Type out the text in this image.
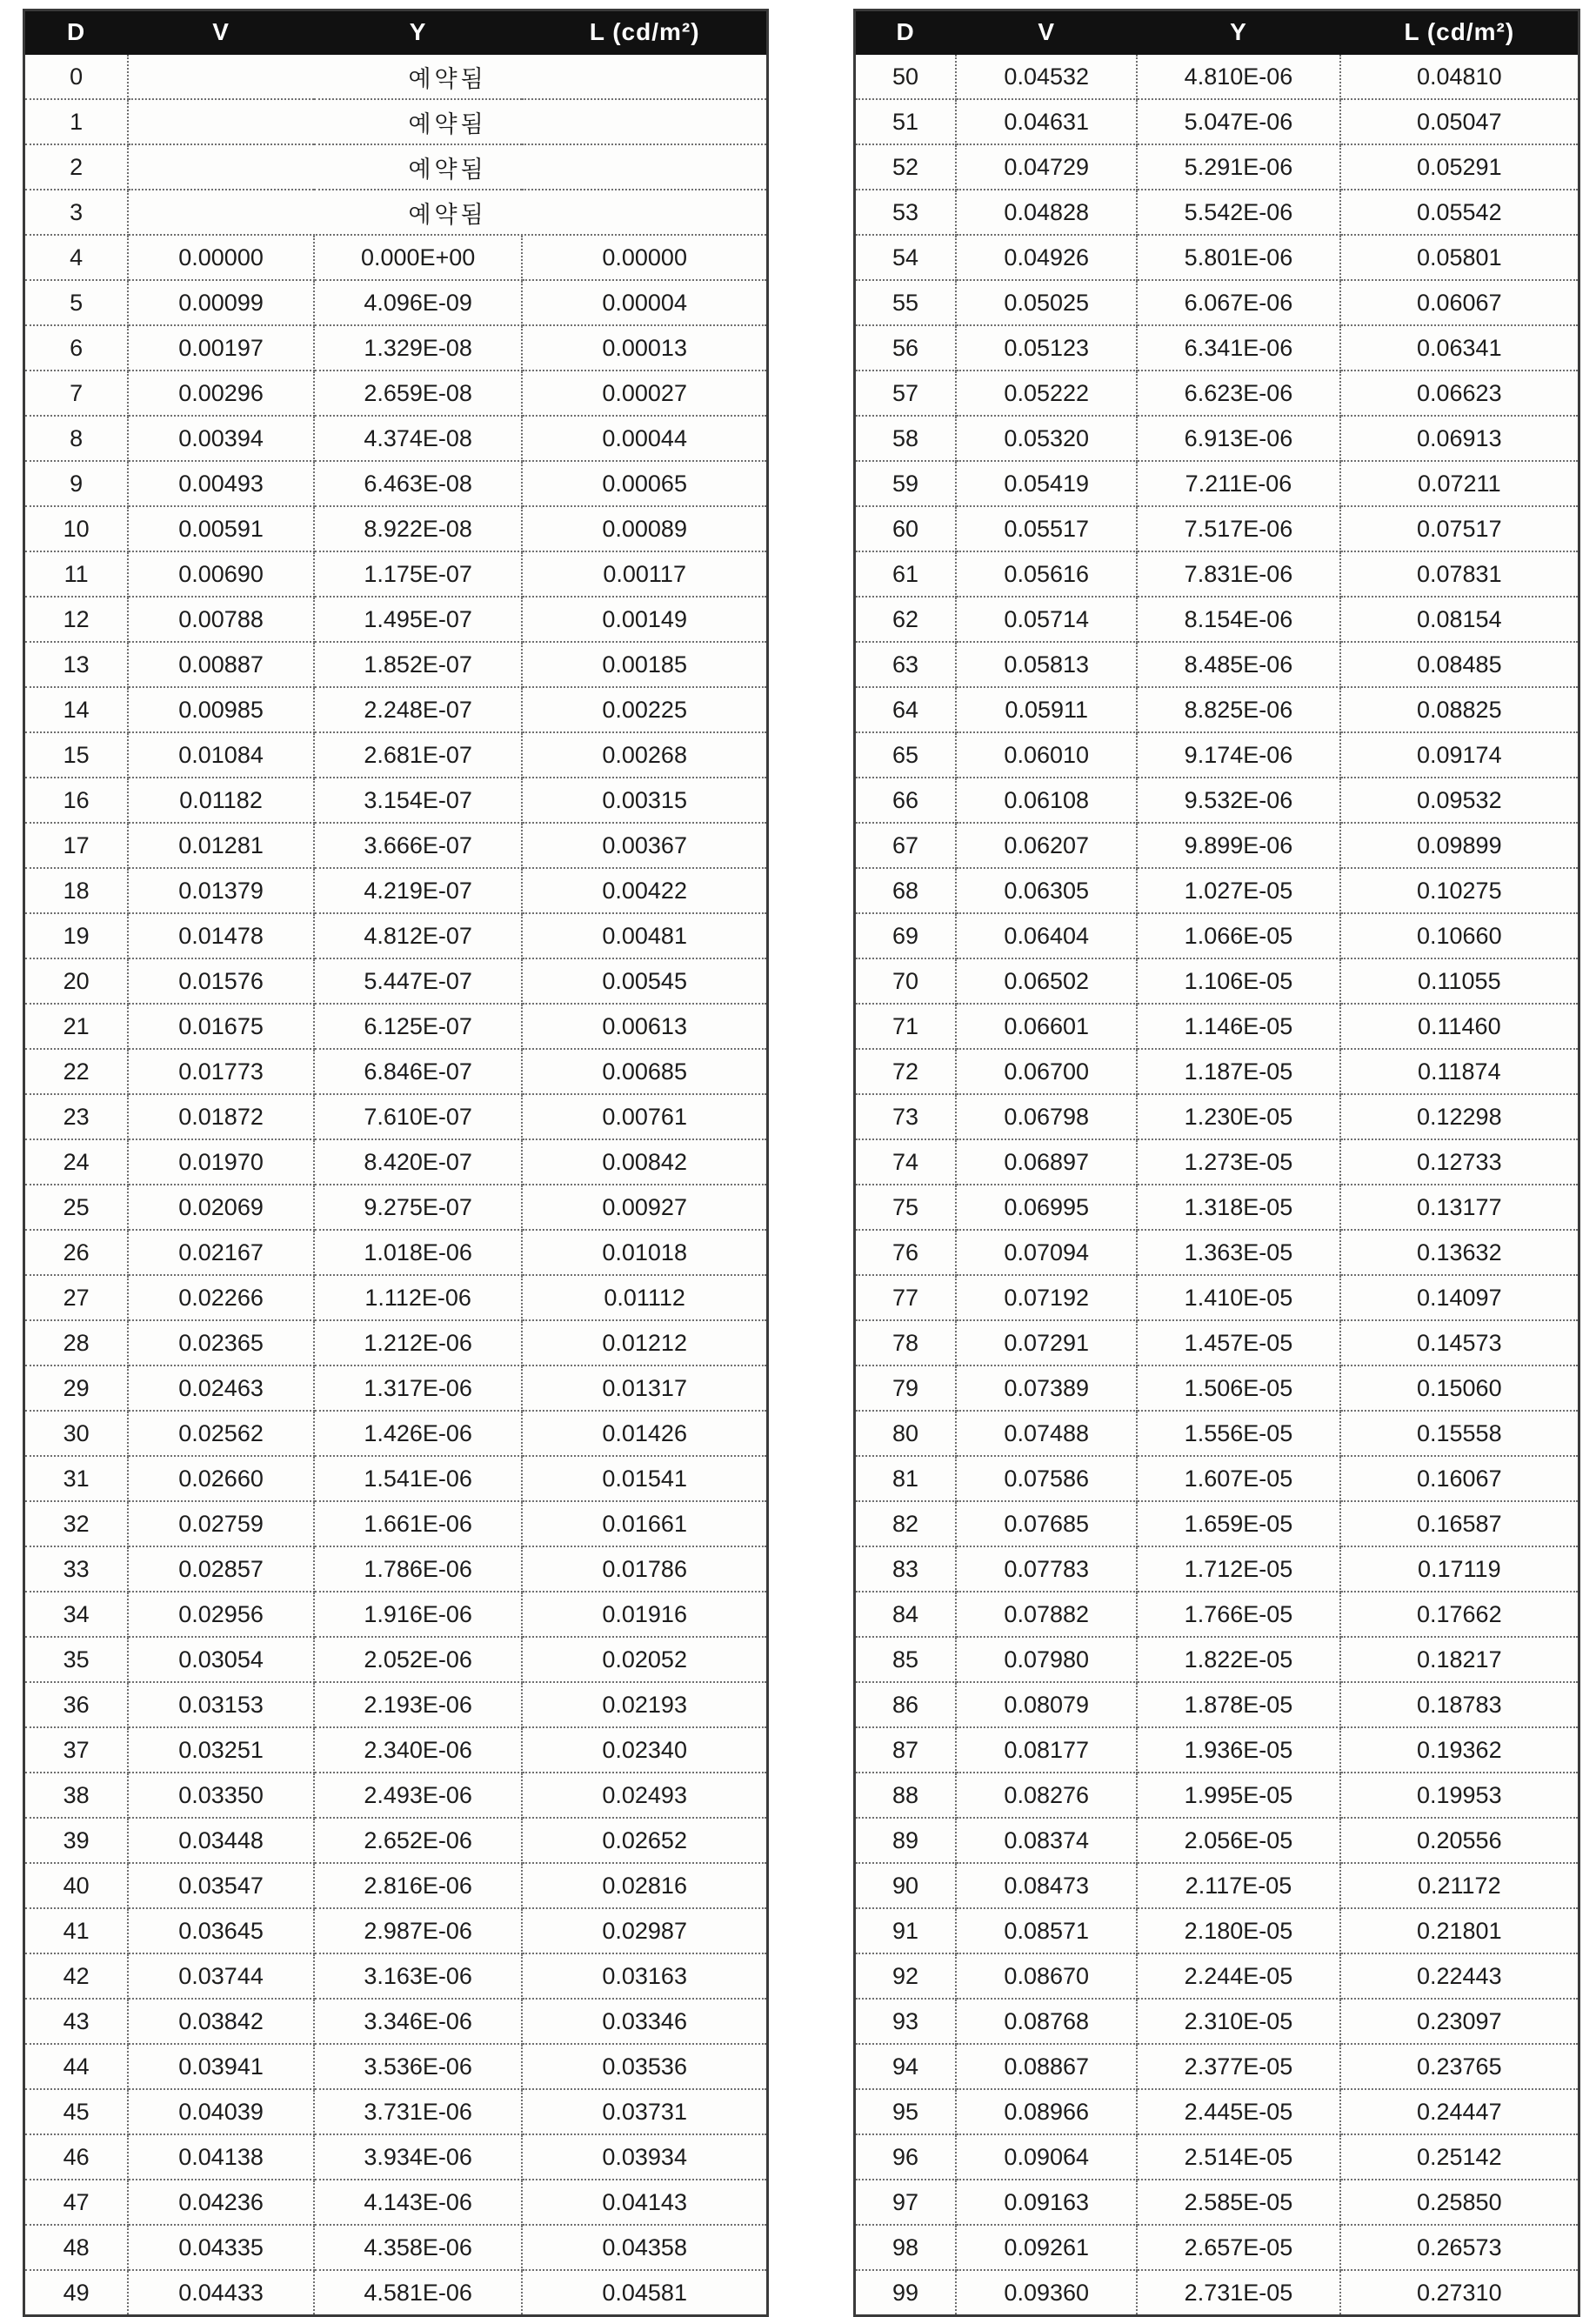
D	V	Y	L (cd/m²)
0	예약됨		
1	예약됨		
2	예약됨		
3	예약됨		
4	0.00000	0.000E+00	0.00000
5	0.00099	4.096E-09	0.00004
6	0.00197	1.329E-08	0.00013
7	0.00296	2.659E-08	0.00027
8	0.00394	4.374E-08	0.00044
9	0.00493	6.463E-08	0.00065
10	0.00591	8.922E-08	0.00089
11	0.00690	1.175E-07	0.00117
12	0.00788	1.495E-07	0.00149
13	0.00887	1.852E-07	0.00185
14	0.00985	2.248E-07	0.00225
15	0.01084	2.681E-07	0.00268
16	0.01182	3.154E-07	0.00315
17	0.01281	3.666E-07	0.00367
18	0.01379	4.219E-07	0.00422
19	0.01478	4.812E-07	0.00481
20	0.01576	5.447E-07	0.00545
21	0.01675	6.125E-07	0.00613
22	0.01773	6.846E-07	0.00685
23	0.01872	7.610E-07	0.00761
24	0.01970	8.420E-07	0.00842
25	0.02069	9.275E-07	0.00927
26	0.02167	1.018E-06	0.01018
27	0.02266	1.112E-06	0.01112
28	0.02365	1.212E-06	0.01212
29	0.02463	1.317E-06	0.01317
30	0.02562	1.426E-06	0.01426
31	0.02660	1.541E-06	0.01541
32	0.02759	1.661E-06	0.01661
33	0.02857	1.786E-06	0.01786
34	0.02956	1.916E-06	0.01916
35	0.03054	2.052E-06	0.02052
36	0.03153	2.193E-06	0.02193
37	0.03251	2.340E-06	0.02340
38	0.03350	2.493E-06	0.02493
39	0.03448	2.652E-06	0.02652
40	0.03547	2.816E-06	0.02816
41	0.03645	2.987E-06	0.02987
42	0.03744	3.163E-06	0.03163
43	0.03842	3.346E-06	0.03346
44	0.03941	3.536E-06	0.03536
45	0.04039	3.731E-06	0.03731
46	0.04138	3.934E-06	0.03934
47	0.04236	4.143E-06	0.04143
48	0.04335	4.358E-06	0.04358
49	0.04433	4.581E-06	0.04581
D	V	Y	L (cd/m²)
50	0.04532	4.810E-06	0.04810
51	0.04631	5.047E-06	0.05047
52	0.04729	5.291E-06	0.05291
53	0.04828	5.542E-06	0.05542
54	0.04926	5.801E-06	0.05801
55	0.05025	6.067E-06	0.06067
56	0.05123	6.341E-06	0.06341
57	0.05222	6.623E-06	0.06623
58	0.05320	6.913E-06	0.06913
59	0.05419	7.211E-06	0.07211
60	0.05517	7.517E-06	0.07517
61	0.05616	7.831E-06	0.07831
62	0.05714	8.154E-06	0.08154
63	0.05813	8.485E-06	0.08485
64	0.05911	8.825E-06	0.08825
65	0.06010	9.174E-06	0.09174
66	0.06108	9.532E-06	0.09532
67	0.06207	9.899E-06	0.09899
68	0.06305	1.027E-05	0.10275
69	0.06404	1.066E-05	0.10660
70	0.06502	1.106E-05	0.11055
71	0.06601	1.146E-05	0.11460
72	0.06700	1.187E-05	0.11874
73	0.06798	1.230E-05	0.12298
74	0.06897	1.273E-05	0.12733
75	0.06995	1.318E-05	0.13177
76	0.07094	1.363E-05	0.13632
77	0.07192	1.410E-05	0.14097
78	0.07291	1.457E-05	0.14573
79	0.07389	1.506E-05	0.15060
80	0.07488	1.556E-05	0.15558
81	0.07586	1.607E-05	0.16067
82	0.07685	1.659E-05	0.16587
83	0.07783	1.712E-05	0.17119
84	0.07882	1.766E-05	0.17662
85	0.07980	1.822E-05	0.18217
86	0.08079	1.878E-05	0.18783
87	0.08177	1.936E-05	0.19362
88	0.08276	1.995E-05	0.19953
89	0.08374	2.056E-05	0.20556
90	0.08473	2.117E-05	0.21172
91	0.08571	2.180E-05	0.21801
92	0.08670	2.244E-05	0.22443
93	0.08768	2.310E-05	0.23097
94	0.08867	2.377E-05	0.23765
95	0.08966	2.445E-05	0.24447
96	0.09064	2.514E-05	0.25142
97	0.09163	2.585E-05	0.25850
98	0.09261	2.657E-05	0.26573
99	0.09360	2.731E-05	0.27310
